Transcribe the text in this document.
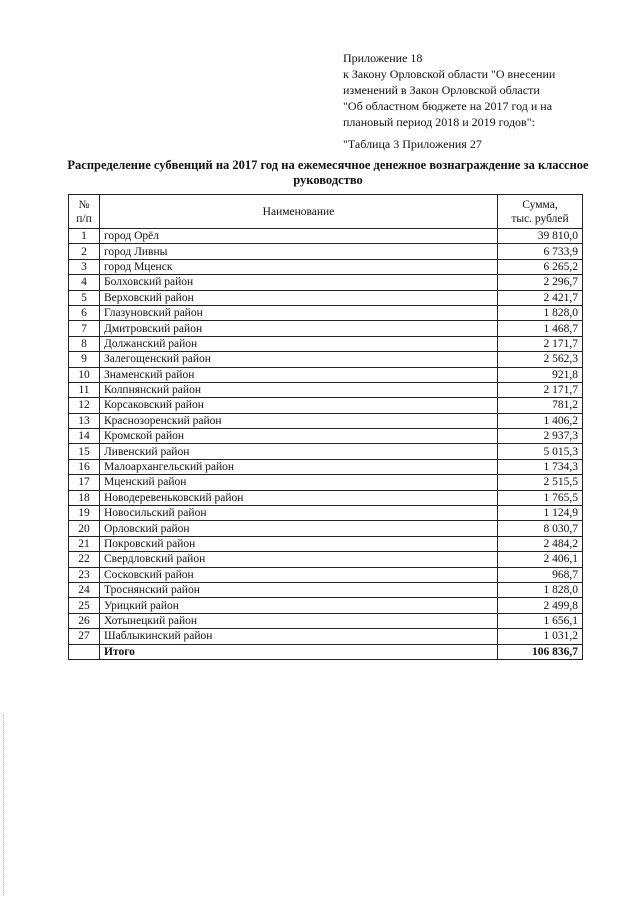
Приложение 18
к Закону Орловской области "О внесении
изменений в Закон Орловской области
"Об областном бюджете на 2017 год и на
плановый период 2018 и 2019 годов":
"Таблица 3 Приложения 27
Распределение субвенций на 2017 год на ежемесячное денежное вознаграждение за классное руководство
№
п/п	Наименование	Сумма,
тыс. рублей
1	город Орёл	39 810,0
2	город Ливны	6 733,9
3	город Мценск	6 265,2
4	Болховский район	2 296,7
5	Верховский район	2 421,7
6	Глазуновский район	1 828,0
7	Дмитровский район	1 468,7
8	Должанский район	2 171,7
9	Залегощенский район	2 562,3
10	Знаменский район	921,8
11	Колпнянский район	2 171,7
12	Корсаковский район	781,2
13	Краснозоренский район	1 406,2
14	Кромской район	2 937,3
15	Ливенский район	5 015,3
16	Малоархангельский район	1 734,3
17	Мценский район	2 515,5
18	Новодеревеньковский район	1 765,5
19	Новосильский район	1 124,9
20	Орловский район	8 030,7
21	Покровский район	2 484,2
22	Свердловский район	2 406,1
23	Сосковский район	968,7
24	Троснянский район	1 828,0
25	Урицкий район	2 499,8
26	Хотынецкий район	1 656,1
27	Шаблыкинский район	1 031,2
	Итого	106 836,7
